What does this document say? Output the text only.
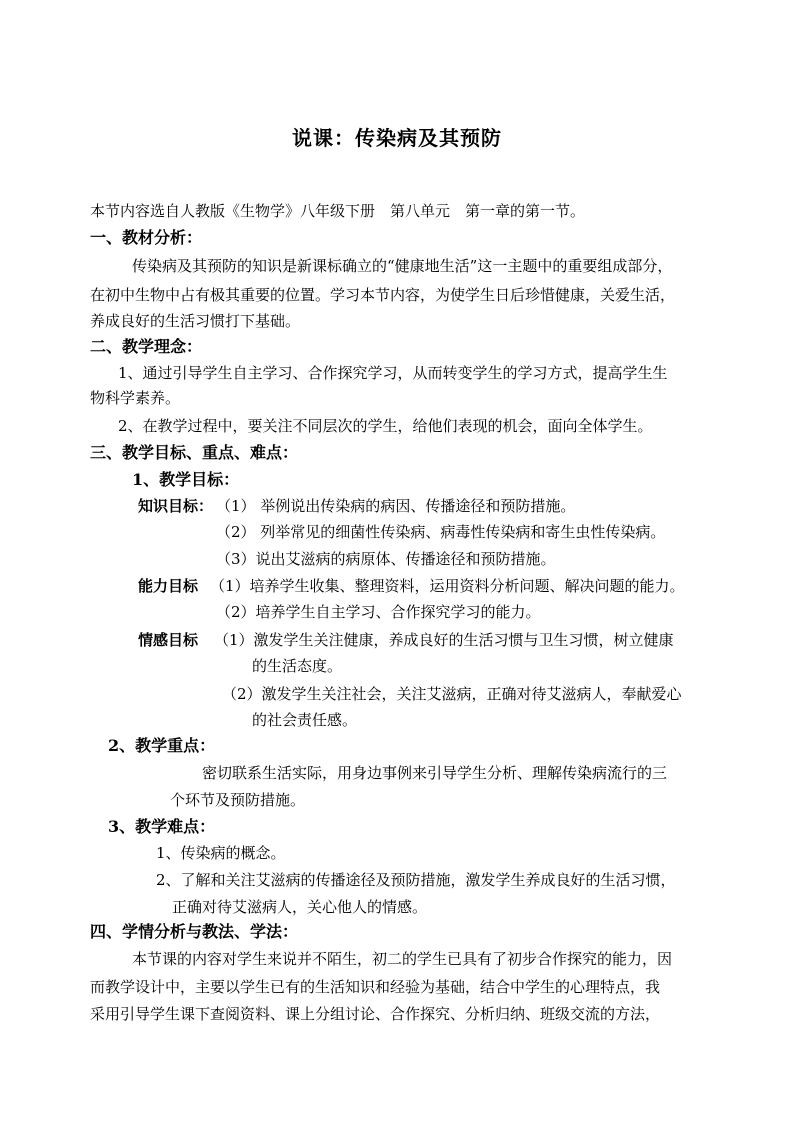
说课：传染病及其预防
本节内容选自人教版《生物学》八年级下册　第八单元　第一章的第一节。
一、教材分析：
传染病及其预防的知识是新课标确立的“健康地生活”这一主题中的重要组成部分，
在初中生物中占有极其重要的位置。学习本节内容，为使学生日后珍惜健康，关爱生活，
养成良好的生活习惯打下基础。
二、教学理念：
1、通过引导学生自主学习、合作探究学习，从而转变学生的学习方式，提高学生生
物科学素养。
2、在教学过程中，要关注不同层次的学生，给他们表现的机会，面向全体学生。
三、教学目标、重点、难点：
1、教学目标：
知识目标： （1） 举例说出传染病的病因、传播途径和预防措施。
（2） 列举常见的细菌性传染病、病毒性传染病和寄生虫性传染病。
（3）说出艾滋病的病原体、传播途径和预防措施。
能力目标 （1）培养学生收集、整理资料，运用资料分析问题、解决问题的能力。
（2）培养学生自主学习、合作探究学习的能力。
情感目标 （1）激发学生关注健康，养成良好的生活习惯与卫生习惯，树立健康
的生活态度。
（2）激发学生关注社会，关注艾滋病，正确对待艾滋病人，奉献爱心
的社会责任感。
2、教学重点：
密切联系生活实际，用身边事例来引导学生分析、理解传染病流行的三
个环节及预防措施。
3、教学难点：
1、传染病的概念。
2、了解和关注艾滋病的传播途径及预防措施，激发学生养成良好的生活习惯，
正确对待艾滋病人，关心他人的情感。
四、学情分析与教法、学法：
本节课的内容对学生来说并不陌生，初二的学生已具有了初步合作探究的能力，因
而教学设计中，主要以学生已有的生活知识和经验为基础，结合中学生的心理特点，我
采用引导学生课下查阅资料、课上分组讨论、合作探究、分析归纳、班级交流的方法，
